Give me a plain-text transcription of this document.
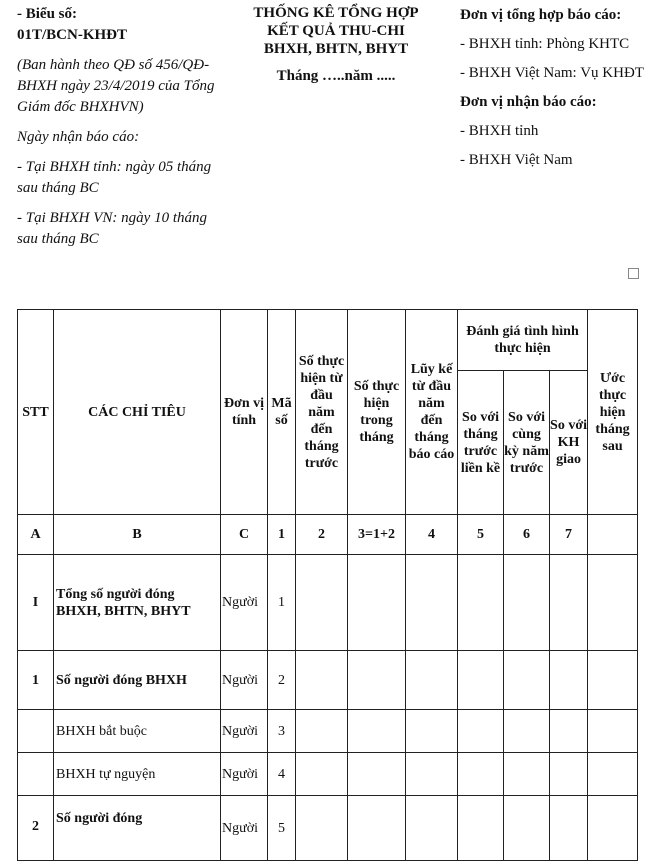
- Biểu số:

01T/BCN-KHĐT

(Ban hành theo QĐ số 456/QĐ-BHXH ngày 23/4/2019 của Tổng Giám đốc BHXHVN)

Ngày nhận báo cáo:

- Tại BHXH tỉnh: ngày 05 tháng sau tháng BC

- Tại BHXH VN: ngày 10 tháng sau tháng BC

THỐNG KÊ TỔNG HỢP
KẾT QUẢ THU-CHI
BHXH, BHTN, BHYT
Tháng …..năm .....

Đơn vị tổng hợp báo cáo:

- BHXH tỉnh: Phòng KHTC

- BHXH Việt Nam: Vụ KHĐT

Đơn vị nhận báo cáo:

- BHXH tỉnh

- BHXH Việt Nam

STT	CÁC CHỈ TIÊU	Đơn vị tính	Mã số	Số thực hiện từ đầu năm đến tháng trước	Số thực hiện trong tháng	Lũy kế từ đầu năm đến tháng báo cáo	Đánh giá tình hình thực hiện			Ước thực hiện tháng sau
							So với tháng trước liền kề	So với cùng kỳ năm trước	So với KH giao	
A	B	C	1	2	3=1+2	4	5	6	7	
I	Tổng số người đóng BHXH, BHTN, BHYT	Người	1							
1	Số người đóng BHXH	Người	2							
	BHXH bắt buộc	Người	3							
	BHXH tự nguyện	Người	4							
2	Số người đóng	Người	5							
